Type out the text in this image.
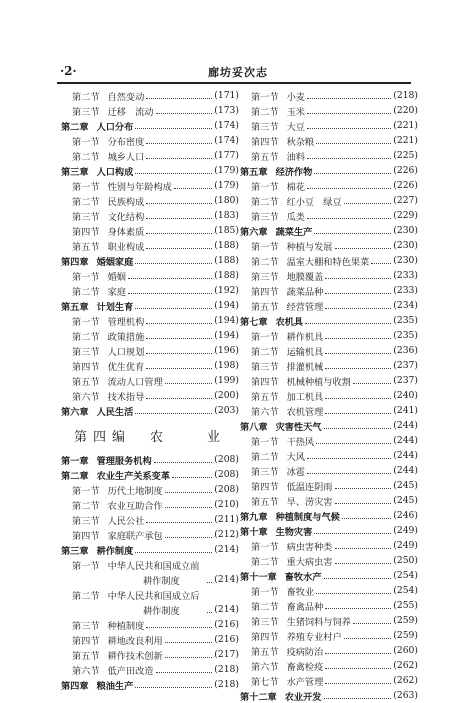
·2·	廊坊妥次志
第二节 自然变动	(171)
第三节 迁移　流动	(173)
第二章 人口分布	(174)
第一节 分布密度	(174)
第二节 城乡人口	(177)
第三章 人口构成	(179)
第一节 性别与年龄构成	(179)
第二节 民族构成	(180)
第三节 文化结构	(183)
第四节 身体素质	(185)
第五节 职业构成	(188)
第四章 婚姻家庭	(188)
第一节 婚姻	(188)
第二节 家庭	(192)
第五章 计划生育	(194)
第一节 管理机构	(194)
第二节 政策措施	(194)
第三节 人口规划	(196)
第四节 优生优育	(198)
第五节 流动人口管理	(199)
第六节 技术指导	(200)
第六章 人民生活	(203)
第四编　农　　业
第一章 管理服务机构	(208)
第二章 农业生产关系变革	(208)
第一节 历代土地制度	(208)
第二节 农业互助合作	(210)
第三节 人民公社	(211)
第四节 家庭联产承包	(212)
第三章 耕作制度	(214)
第一节 中华人民共和国成立前
耕作制度	(214)
第二节 中华人民共和国成立后
耕作制度	(214)
第三节 种植制度	(216)
第四节 耕地改良利用	(216)
第五节 耕作技术创新	(217)
第六节 低产田改造	(218)
第四章 粮油生产	(218)
第一节 小麦	(218)
第二节 玉米	(220)
第三节 大豆	(221)
第四节 秋杂粮	(221)
第五节 油料	(225)
第五章 经济作物	(226)
第一节 棉花	(226)
第二节 红小豆　绿豆	(227)
第三节 瓜类	(229)
第六章 蔬菜生产	(230)
第一节 种植与发展	(230)
第二节 温室大棚和特色果菜	(230)
第三节 地膜覆盖	(233)
第四节 蔬菜品种	(233)
第五节 经营管理	(234)
第七章 农机具	(235)
第一节 耕作机具	(235)
第二节 运输机具	(236)
第三节 排灌机械	(237)
第四节 机械种植与收割	(237)
第五节 加工机具	(240)
第六节 农机管理	(241)
第八章 灾害性天气	(244)
第一节 干热风	(244)
第二节 大风	(244)
第三节 冰雹	(244)
第四节 低温连阴雨	(245)
第五节 旱、涝灾害	(245)
第九章 种植制度与气候	(246)
第十章 生物灾害	(249)
第一节 病虫害种类	(249)
第二节 重大病虫害	(250)
第十一章 畜牧水产	(254)
第一节 畜牧业	(254)
第二节 畜禽品种	(255)
第三节 生猪饲料与饲养	(259)
第四节 养殖专业村户	(259)
第五节 疫病防治	(260)
第六节 畜禽检疫	(262)
第七节 水产管理	(262)
第十二章 农业开发	(263)
